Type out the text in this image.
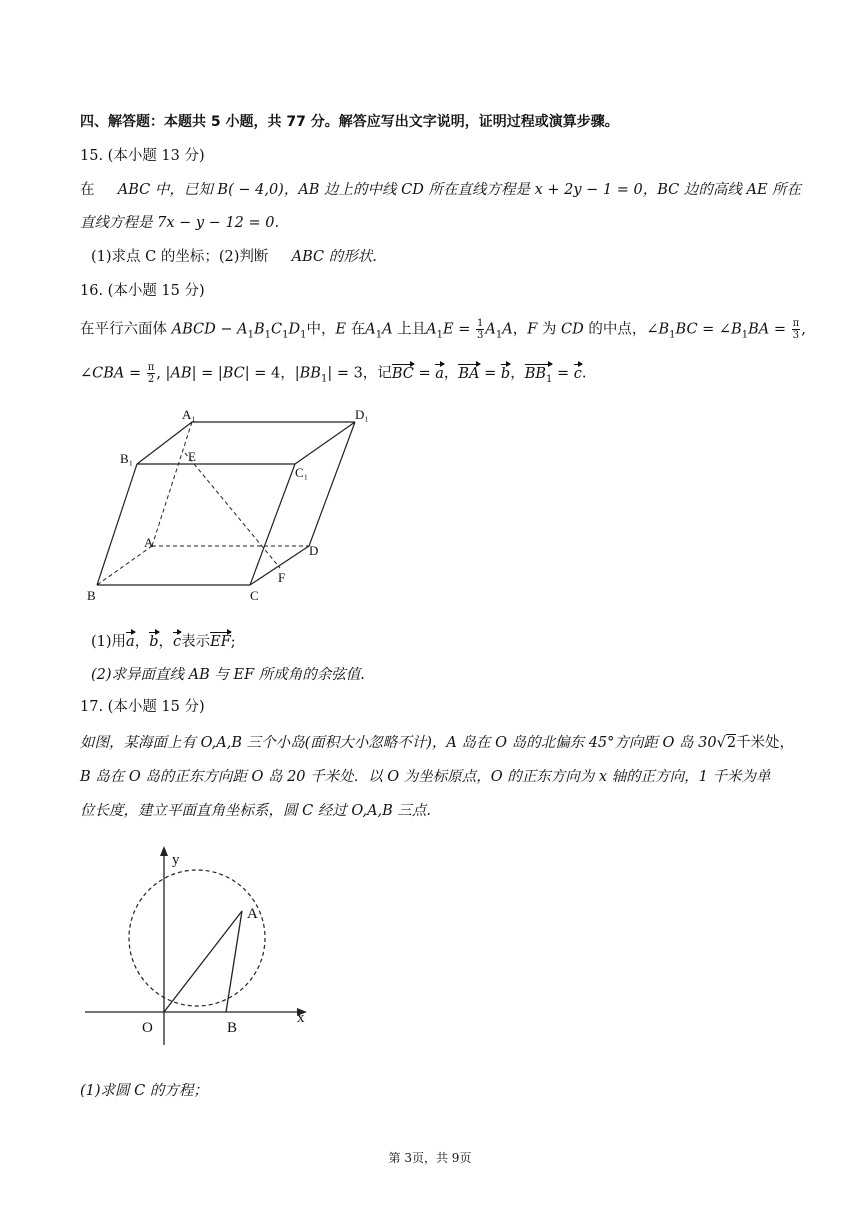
四、解答题：本题共 5 小题，共 77 分。解答应写出文字说明，证明过程或演算步骤。
15. (本小题 13 分)
在 ABC 中，已知 B( − 4,0)，AB 边上的中线 CD 所在直线方程是 x + 2y − 1 = 0，BC 边的高线 AE 所在
直线方程是 7x − y − 12 = 0.
(1)求点 C 的坐标；(2)判断 ABC 的形状.
16. (本小题 15 分)
在平行六面体 ABCD − $A_1B_1C_1D_1$中，E 在$A_1A$ 上且$A_1E = \frac{1}{3} A_1A$，F 为 CD 的中点，$\angle B_1BC$ = $\angle B_1BA = \frac{\pi}{3}$ ,
∠CBA = $\frac{\pi}{2}$ , |AB| = |BC| = 4，$|BB_1| = 3$，记BC = a，BA = b，$BB_1 = c$.
A₁	D₁
B₁	E
C₁
A
D
F
B	C
(1)用a，b，c表示EF;
(2)求异面直线 AB 与 EF 所成角的余弦值.
17. (本小题 15 分)
如图，某海面上有 O,A,B 三个小岛(面积大小忽略不计)，A 岛在 O 岛的北偏东 45°方向距 O 岛 30√2千米处，
B 岛在 O 岛的正东方向距 O 岛 20 千米处．以 O 为坐标原点，O 的正东方向为 x 轴的正方向，1 千米为单
位长度，建立平面直角坐标系，圆 C 经过 O,A,B 三点.
y
A
O	B
x
(1)求圆 C 的方程；
第 3页，共 9页
